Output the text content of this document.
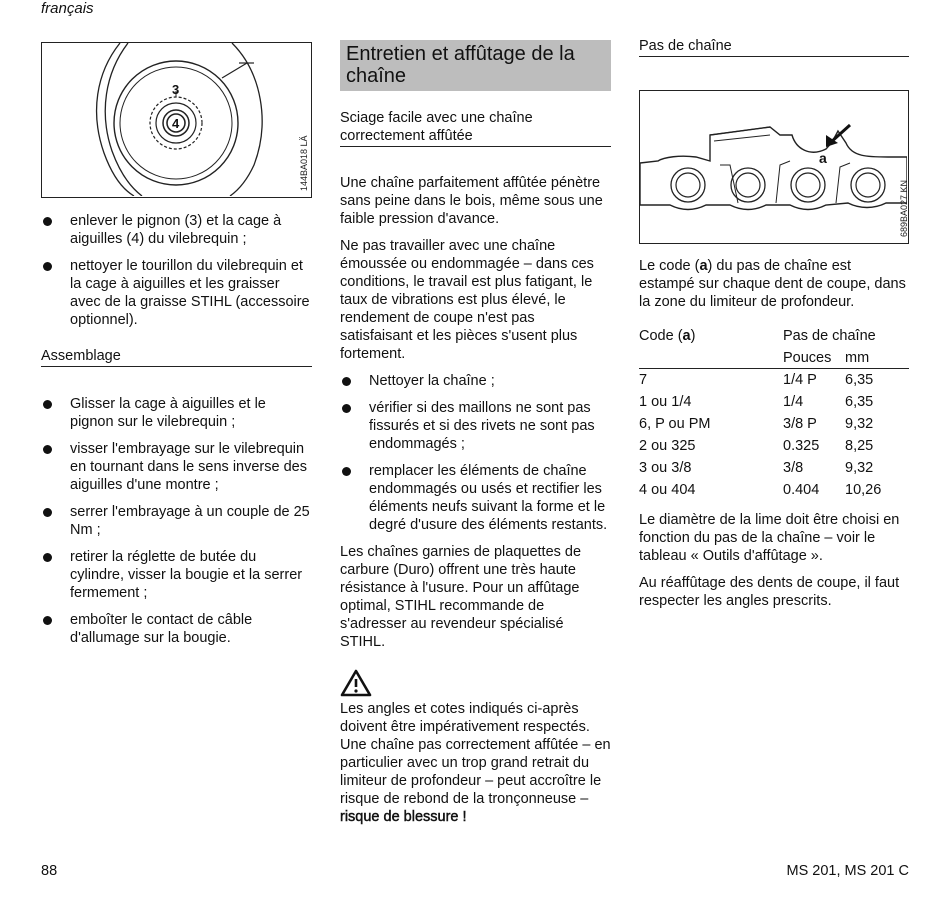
français
3
4
144BA018 LÄ
enlever le pignon (3) et la cage à aiguilles (4) du vilebrequin ;
nettoyer le tourillon du vilebrequin et la cage à aiguilles et les graisser avec de la graisse STIHL (accessoire optionnel).
Assemblage
Glisser la cage à aiguilles et le pignon sur le vilebrequin ;
visser l'embrayage sur le vilebrequin en tournant dans le sens inverse des aiguilles d'une montre ;
serrer l'embrayage à un couple de 25 Nm ;
retirer la réglette de butée du cylindre, visser la bougie et la serrer fermement ;
emboîter le contact de câble d'allumage sur la bougie.
Entretien et affûtage de la chaîne
Sciage facile avec une chaîne correctement affûtée

Une chaîne parfaitement affûtée pénètre sans peine dans le bois, même sous une faible pression d'avance.

Ne pas travailler avec une chaîne émoussée ou endommagée – dans ces conditions, le travail est plus fatigant, le taux de vibrations est plus élevé, le rendement de coupe n'est pas satisfaisant et les pièces s'usent plus fortement.

Nettoyer la chaîne ;
vérifier si des maillons ne sont pas fissurés et si des rivets ne sont pas endommagés ;
remplacer les éléments de chaîne endommagés ou usés et rectifier les éléments neufs suivant la forme et le degré d'usure des éléments restants.

Les chaînes garnies de plaquettes de carbure (Duro) offrent une très haute résistance à l'usure. Pour un affûtage optimal, STIHL recommande de s'adresser au revendeur spécialisé STIHL.

Les angles et cotes indiqués ci-après doivent être impérativement respectés. Une chaîne pas correctement affûtée – en particulier avec un trop grand retrait du limiteur de profondeur – peut accroître le risque de rebond de la tronçonneuse – risque de blessure !

Pas de chaîne
a
689BA027 KN

Le code (a) du pas de chaîne est estampé sur chaque dent de coupe, dans la zone du limiteur de profondeur.

Code (a)	Pas de chaîne	
	Pouces	mm
7	1/4 P	6,35
1 ou 1/4	1/4	6,35
6, P ou PM	3/8 P	9,32
2 ou 325	0.325	8,25
3 ou 3/8	3/8	9,32
4 ou 404	0.404	10,26

Le diamètre de la lime doit être choisi en fonction du pas de la chaîne – voir le tableau « Outils d'affûtage ».

Au réaffûtage des dents de coupe, il faut respecter les angles prescrits.

88	MS 201, MS 201 C
